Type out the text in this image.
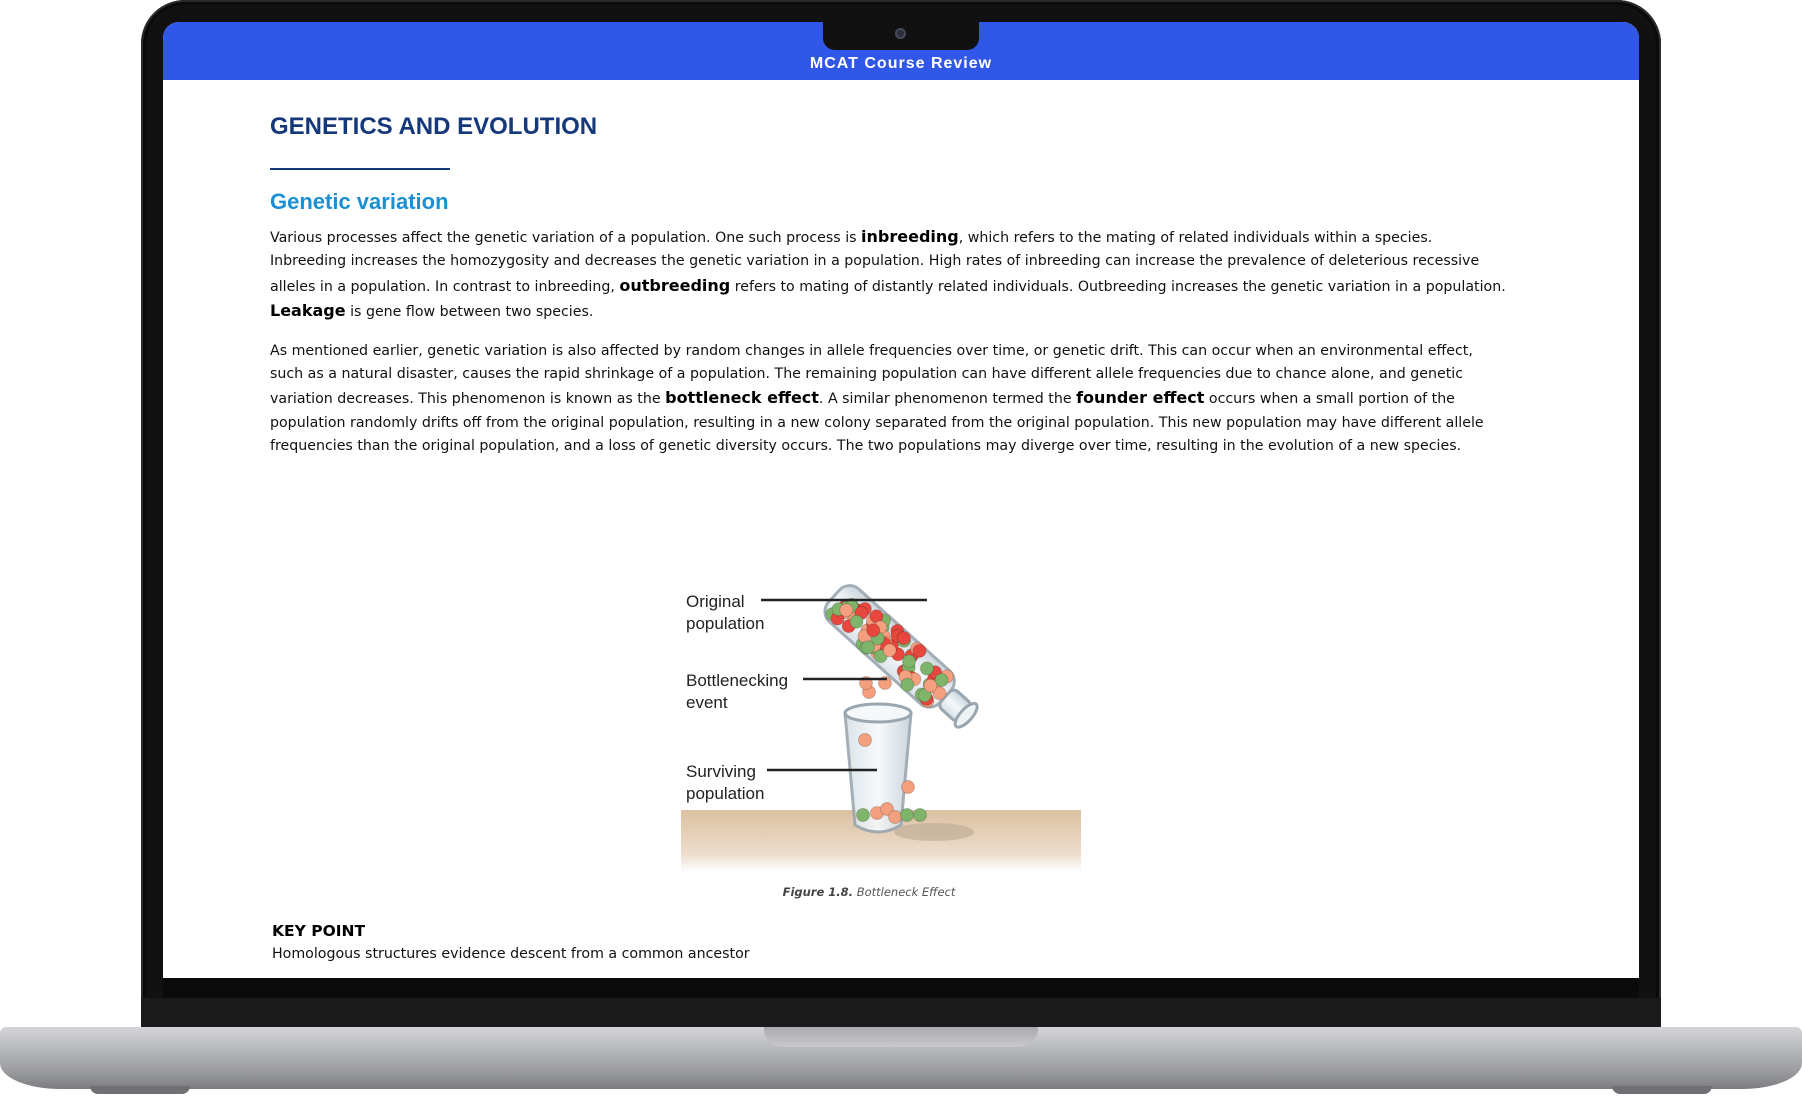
MCAT Course Review
GENETICS AND EVOLUTION
Genetic variation

Various processes affect the genetic variation of a population. One such process is inbreeding, which refers to the mating of related individuals within a species. Inbreeding increases the homozygosity and decreases the genetic variation in a population. High rates of inbreeding can increase the prevalence of deleterious recessive alleles in a population. In contrast to inbreeding, outbreeding refers to mating of distantly related individuals. Outbreeding increases the genetic variation in a population. Leakage is gene flow between two species.

As mentioned earlier, genetic variation is also affected by random changes in allele frequencies over time, or genetic drift. This can occur when an environmental effect, such as a natural disaster, causes the rapid shrinkage of a population. The remaining population can have different allele frequencies due to chance alone, and genetic variation decreases. This phenomenon is known as the bottleneck effect. A similar phenomenon termed the founder effect occurs when a small portion of the population randomly drifts off from the original population, resulting in a new colony separated from the original population. This new population may have different allele frequencies than the original population, and a loss of genetic diversity occurs. The two populations may diverge over time, resulting in the evolution of a new species.

Original
population
Bottlenecking
event
Surviving
population
Figure 1.8. Bottleneck Effect
KEY POINT
Homologous structures evidence descent from a common ancestor
